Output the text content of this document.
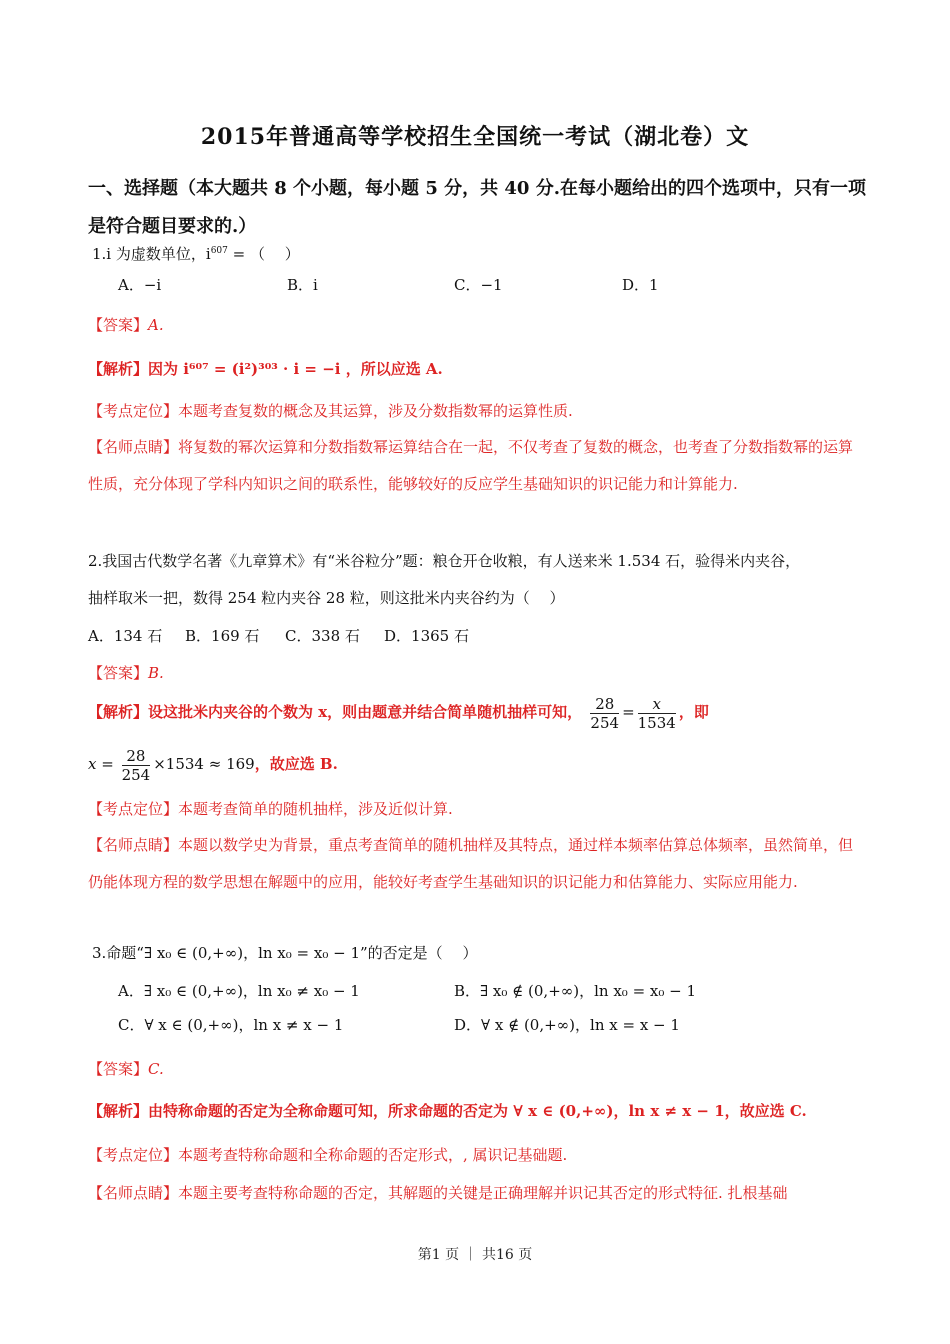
2015年普通高等学校招生全国统一考试（湖北卷）文
一、选择题（本大题共 8 个小题，每小题 5 分，共 40 分.在每小题给出的四个选项中，只有一项是符合题目要求的.）
1.i 为虚数单位，$i^{607}$ = （　 ）
A．−i	B．i	C．−1	D．1
【答案】A.
【解析】因为 i⁶⁰⁷ = (i²)³⁰³ · i = −i ，所以应选 A.
【考点定位】本题考查复数的概念及其运算，涉及分数指数幂的运算性质.
【名师点睛】将复数的幂次运算和分数指数幂运算结合在一起，不仅考查了复数的概念，也考查了分数指数幂的运算性质，充分体现了学科内知识之间的联系性，能够较好的反应学生基础知识的识记能力和计算能力.
2.我国古代数学名著《九章算术》有“米谷粒分”题：粮仓开仓收粮，有人送来米 1.534 石，验得米内夹谷，
抽样取米一把，数得 254 粒内夹谷 28 粒，则这批米内夹谷约为（　 ）
A．134 石 B．169 石 C．338 石 D．1365 石
【答案】B.
【解析】设这批米内夹谷的个数为 x，则由题意并结合简单随机抽样可知， $\frac{28}{254} = \frac{x}{1534}$ ，即
$x = \frac{28}{254} \times 1534 \approx 169$，故应选 B.
【考点定位】本题考查简单的随机抽样，涉及近似计算.
【名师点睛】本题以数学史为背景，重点考查简单的随机抽样及其特点，通过样本频率估算总体频率，虽然简单，但仍能体现方程的数学思想在解题中的应用，能较好考查学生基础知识的识记能力和估算能力、实际应用能力.
3.命题“∃ x₀ ∈ (0,+∞)，ln x₀ = x₀ − 1”的否定是（　 ）
A．∃ x₀ ∈ (0,+∞)，ln x₀ ≠ x₀ − 1	B．∃ x₀ ∉ (0,+∞)，ln x₀ = x₀ − 1
C．∀ x ∈ (0,+∞)，ln x ≠ x − 1	D．∀ x ∉ (0,+∞)，ln x = x − 1
【答案】C.
【解析】由特称命题的否定为全称命题可知，所求命题的否定为 ∀ x ∈ (0,+∞)，ln x ≠ x − 1，故应选 C.
【考点定位】本题考查特称命题和全称命题的否定形式，, 属识记基础题.
【名师点睛】本题主要考查特称命题的否定，其解题的关键是正确理解并识记其否定的形式特征. 扎根基础
第1 页 ｜ 共16 页
